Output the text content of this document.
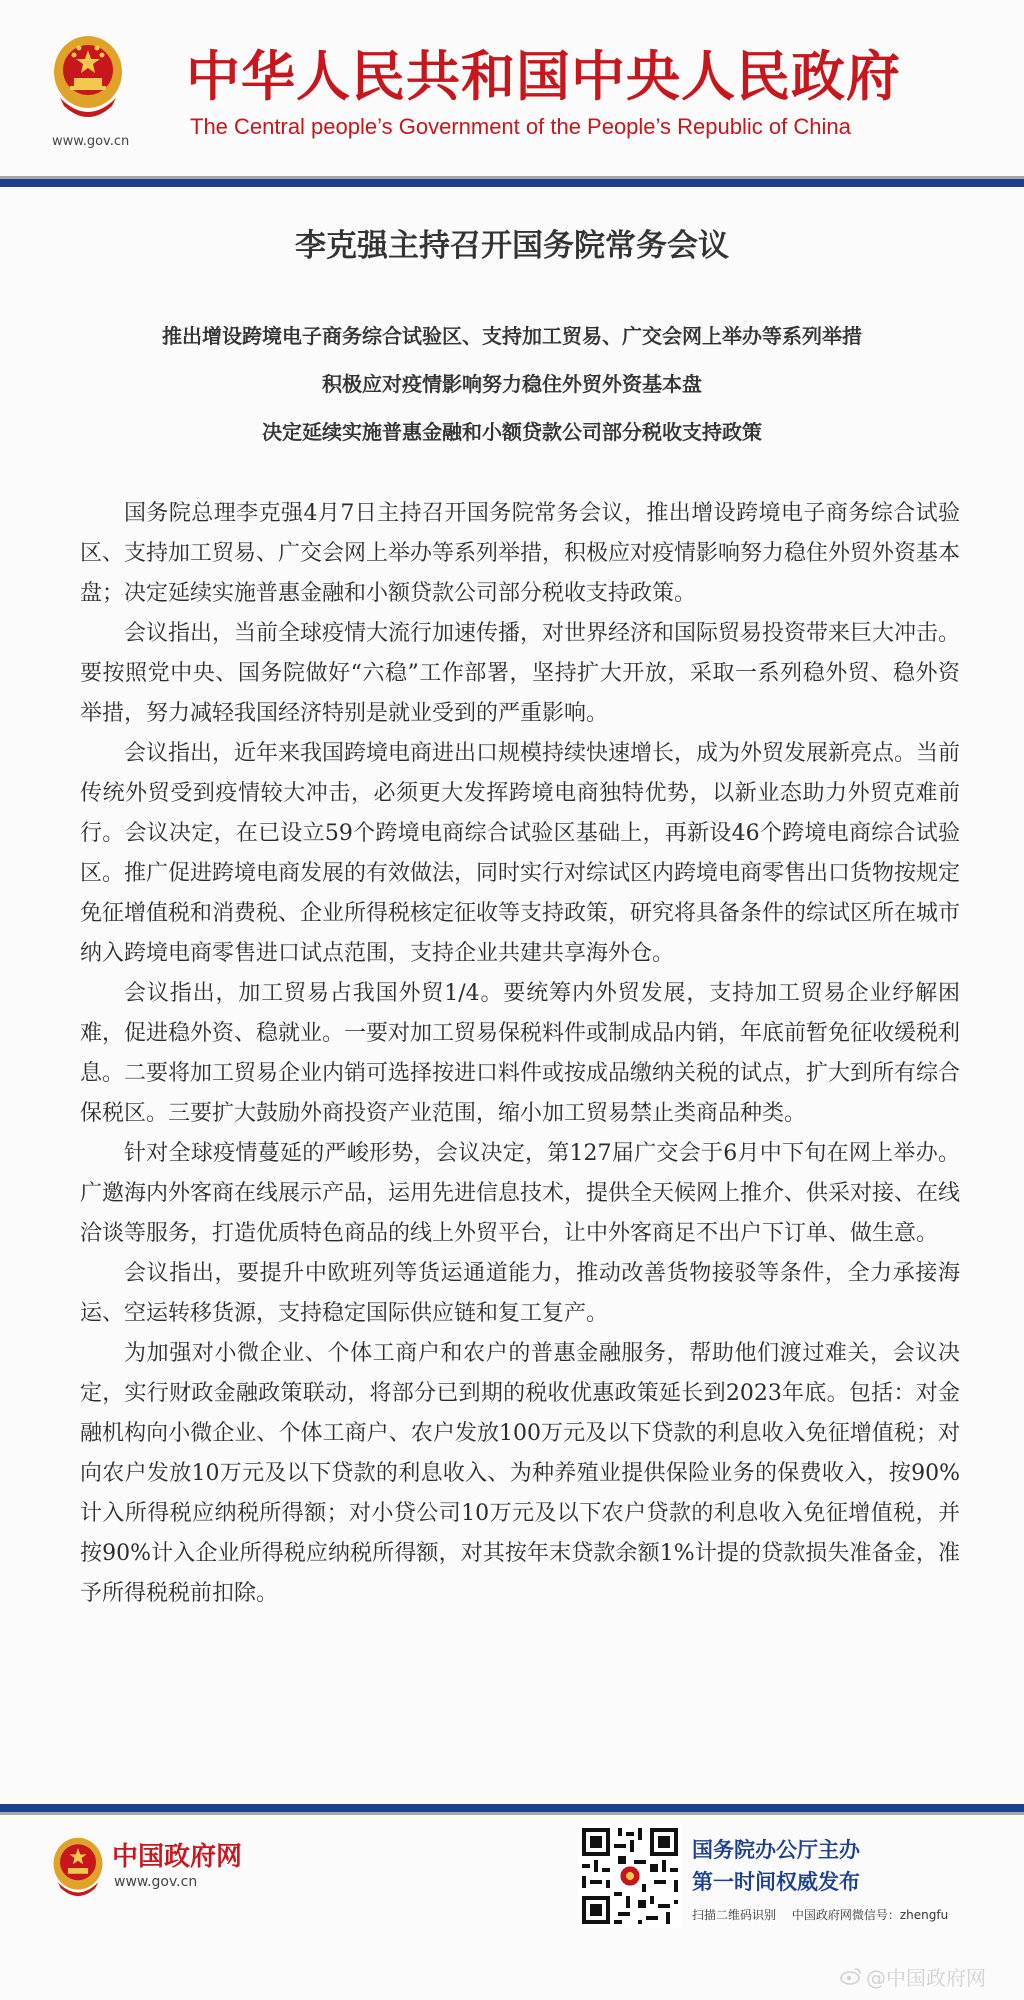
www.gov.cn
中华人民共和国中央人民政府
The Central people’s Government of the People’s Republic of China
李克强主持召开国务院常务会议
推出增设跨境电子商务综合试验区、支持加工贸易、广交会网上举办等系列举措
积极应对疫情影响努力稳住外贸外资基本盘
决定延续实施普惠金融和小额贷款公司部分税收支持政策

国务院总理李克强4月7日主持召开国务院常务会议，推出增设跨境电子商务综合试验区、支持加工贸易、广交会网上举办等系列举措，积极应对疫情影响努力稳住外贸外资基本盘；决定延续实施普惠金融和小额贷款公司部分税收支持政策。

会议指出，当前全球疫情大流行加速传播，对世界经济和国际贸易投资带来巨大冲击。要按照党中央、国务院做好“六稳”工作部署，坚持扩大开放，采取一系列稳外贸、稳外资举措，努力减轻我国经济特别是就业受到的严重影响。

会议指出，近年来我国跨境电商进出口规模持续快速增长，成为外贸发展新亮点。当前传统外贸受到疫情较大冲击，必须更大发挥跨境电商独特优势，以新业态助力外贸克难前行。会议决定，在已设立59个跨境电商综合试验区基础上，再新设46个跨境电商综合试验区。推广促进跨境电商发展的有效做法，同时实行对综试区内跨境电商零售出口货物按规定免征增值税和消费税、企业所得税核定征收等支持政策，研究将具备条件的综试区所在城市纳入跨境电商零售进口试点范围，支持企业共建共享海外仓。

会议指出，加工贸易占我国外贸1/4。要统筹内外贸发展，支持加工贸易企业纾解困难，促进稳外资、稳就业。一要对加工贸易保税料件或制成品内销，年底前暂免征收缓税利息。二要将加工贸易企业内销可选择按进口料件或按成品缴纳关税的试点，扩大到所有综合保税区。三要扩大鼓励外商投资产业范围，缩小加工贸易禁止类商品种类。

针对全球疫情蔓延的严峻形势，会议决定，第127届广交会于6月中下旬在网上举办。广邀海内外客商在线展示产品，运用先进信息技术，提供全天候网上推介、供采对接、在线洽谈等服务，打造优质特色商品的线上外贸平台，让中外客商足不出户下订单、做生意。

会议指出，要提升中欧班列等货运通道能力，推动改善货物接驳等条件，全力承接海运、空运转移货源，支持稳定国际供应链和复工复产。

为加强对小微企业、个体工商户和农户的普惠金融服务，帮助他们渡过难关，会议决定，实行财政金融政策联动，将部分已到期的税收优惠政策延长到2023年底。包括：对金融机构向小微企业、个体工商户、农户发放100万元及以下贷款的利息收入免征增值税；对向农户发放10万元及以下贷款的利息收入、为种养殖业提供保险业务的保费收入，按90%计入所得税应纳税所得额；对小贷公司10万元及以下农户贷款的利息收入免征增值税，并按90%计入企业所得税应纳税所得额，对其按年末贷款余额1%计提的贷款损失准备金，准予所得税税前扣除。

中国政府网
www.gov.cn
国务院办公厅主办
第一时间权威发布
扫描二维码识别 中国政府网微信号：zhengfu
@中国政府网
